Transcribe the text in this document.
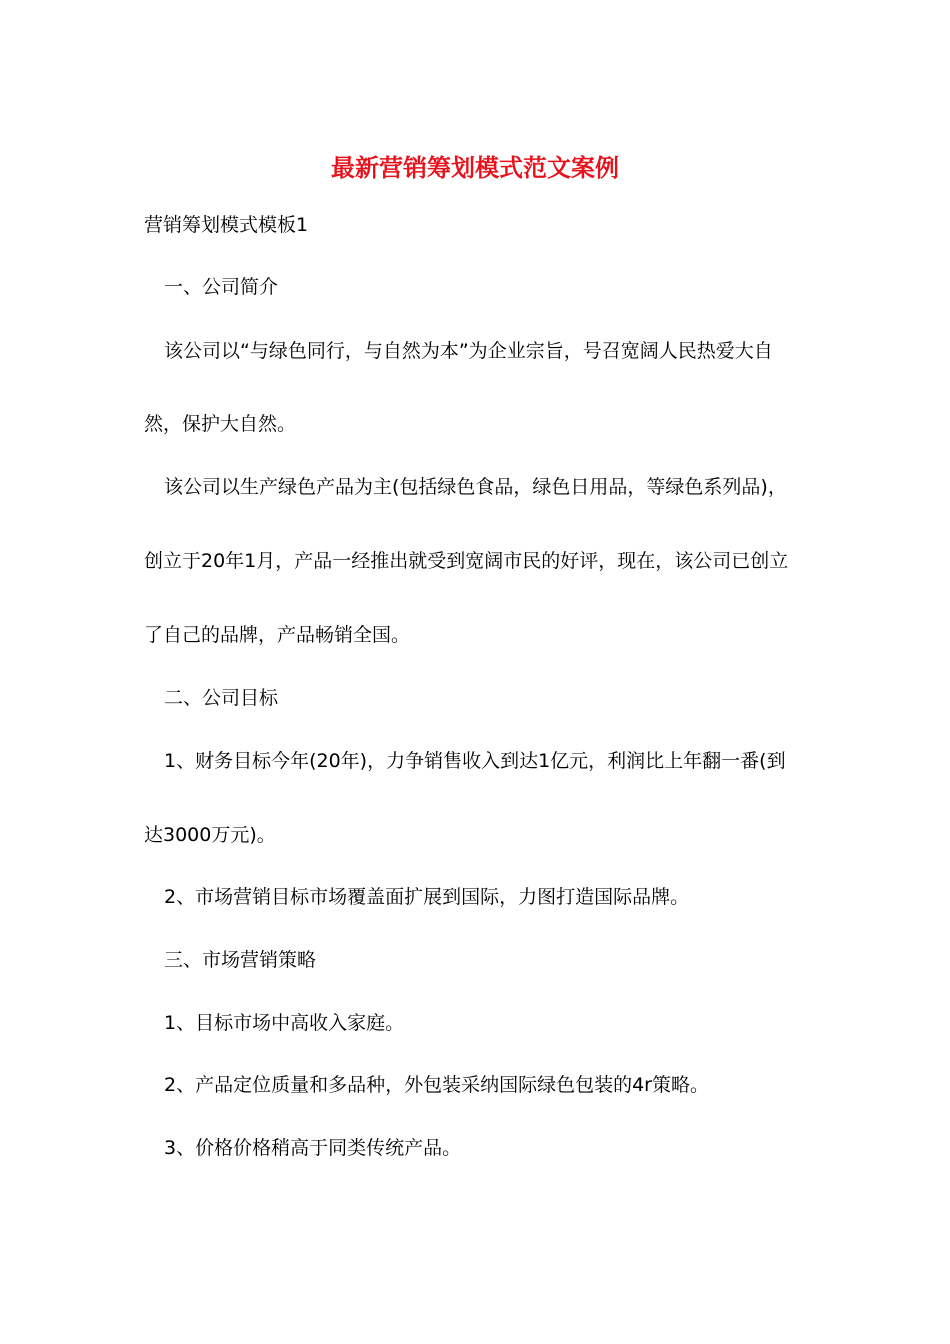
最新营销筹划模式范文案例
营销筹划模式模板1
一、公司简介
该公司以“与绿色同行，与自然为本”为企业宗旨，号召宽阔人民热爱大自
然，保护大自然。
该公司以生产绿色产品为主(包括绿色食品，绿色日用品，等绿色系列品)，
创立于20年1月，产品一经推出就受到宽阔市民的好评，现在，该公司已创立
了自己的品牌，产品畅销全国。
二、公司目标
1、财务目标今年(20年)，力争销售收入到达1亿元，利润比上年翻一番(到
达3000万元)。
2、市场营销目标市场覆盖面扩展到国际，力图打造国际品牌。
三、市场营销策略
1、目标市场中高收入家庭。
2、产品定位质量和多品种，外包装采纳国际绿色包装的4r策略。
3、价格价格稍高于同类传统产品。
